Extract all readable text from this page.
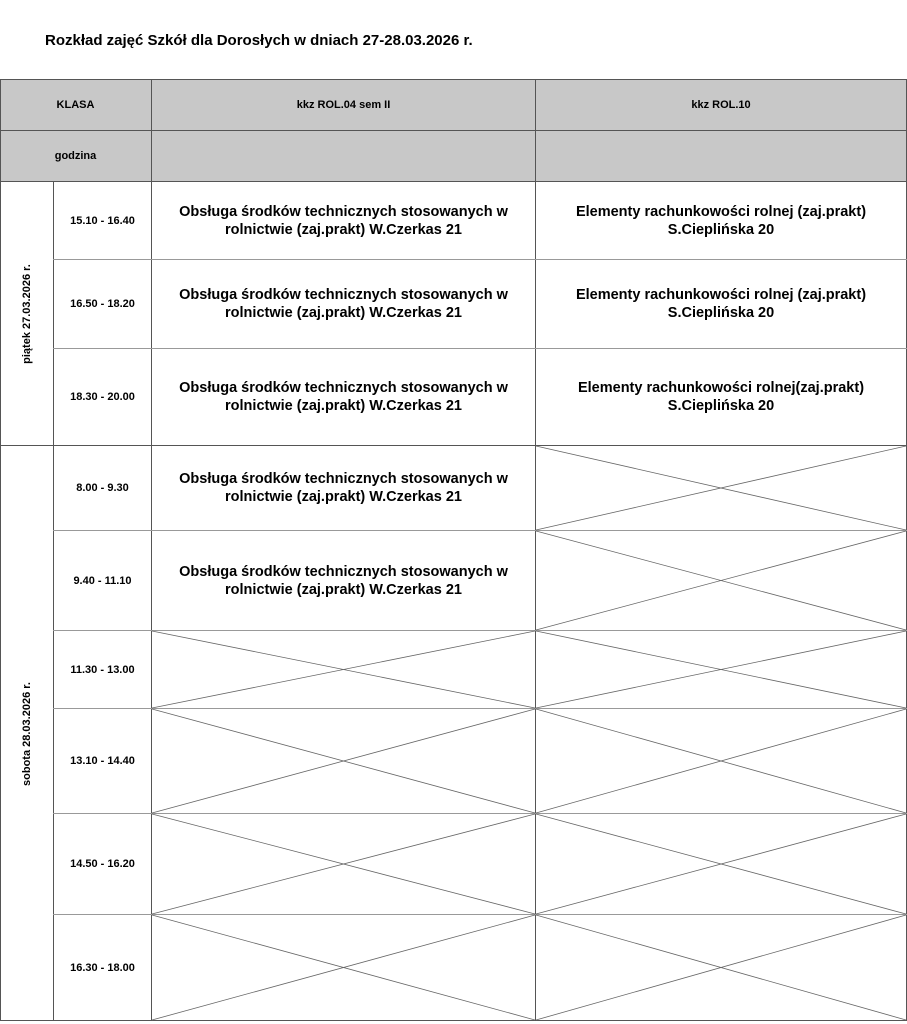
Rozkład zajęć Szkół dla Dorosłych w dniach 27-28.03.2026 r.
KLASA	kkz ROL.04 sem II	kkz ROL.10
godzina
piątek 27.03.2026 r.
sobota 28.03.2026 r.
15.10 - 16.40
16.50 - 18.20
18.30 - 20.00
8.00 - 9.30
9.40 - 11.10
11.30 - 13.00
13.10 - 14.40
14.50 - 16.20
16.30 - 18.00
Obsługa środków technicznych stosowanych w rolnictwie (zaj.prakt) W.Czerkas 21
Obsługa środków technicznych stosowanych w rolnictwie (zaj.prakt) W.Czerkas 21
Obsługa środków technicznych stosowanych w rolnictwie (zaj.prakt) W.Czerkas 21
Obsługa środków technicznych stosowanych w rolnictwie (zaj.prakt) W.Czerkas 21
Obsługa środków technicznych stosowanych w rolnictwie (zaj.prakt) W.Czerkas 21
Elementy rachunkowości rolnej (zaj.prakt) S.Cieplińska 20
Elementy rachunkowości rolnej (zaj.prakt) S.Cieplińska 20
Elementy rachunkowości rolnej(zaj.prakt) S.Cieplińska 20
